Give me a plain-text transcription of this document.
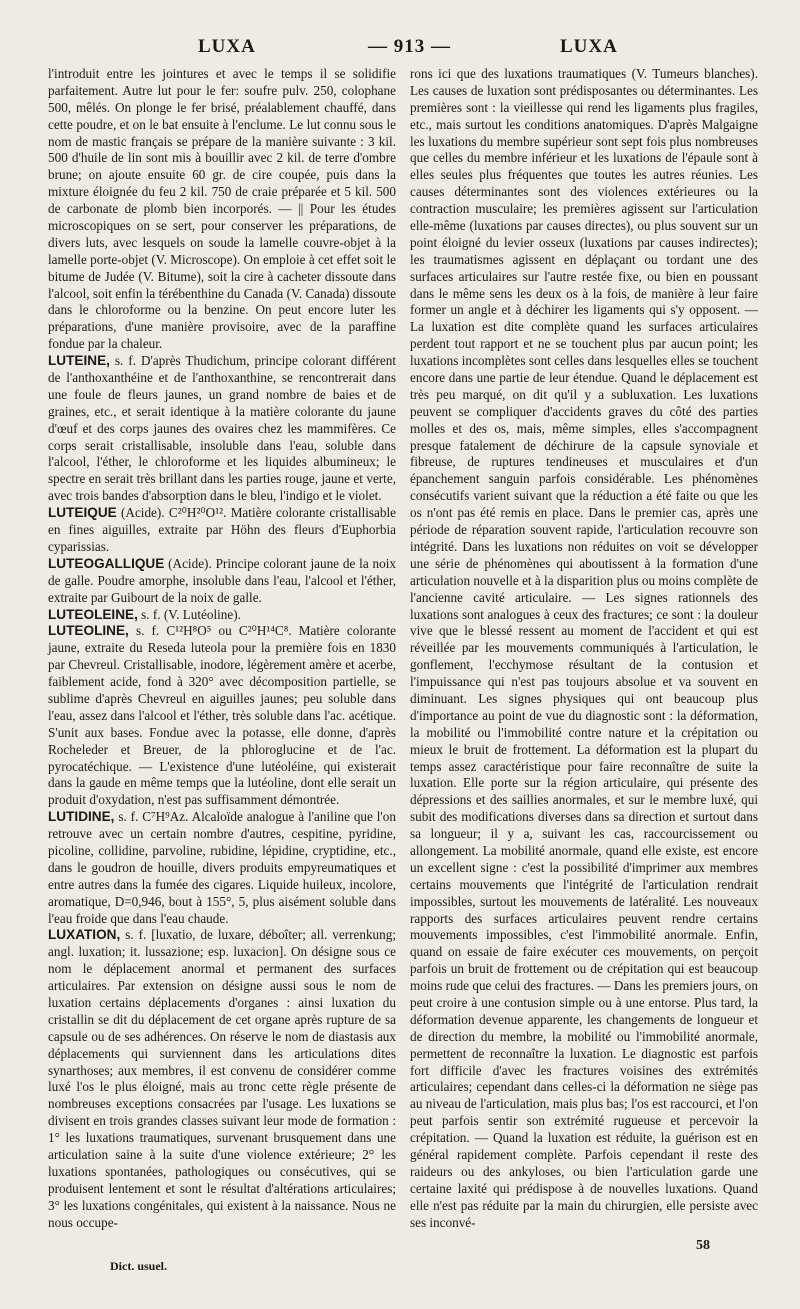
LUXA	— 913 —	LUXA

l'introduit entre les jointures et avec le temps il se solidifie parfaitement. Autre lut pour le fer: soufre pulv. 250, colophane 500, mêlés. On plonge le fer brisé, préalablement chauffé, dans cette poudre, et on le bat ensuite à l'enclume. Le lut connu sous le nom de mastic français se prépare de la manière suivante : 3 kil. 500 d'huile de lin sont mis à bouillir avec 2 kil. de terre d'ombre brune; on ajoute ensuite 60 gr. de cire coupée, puis dans la mixture éloignée du feu 2 kil. 750 de craie préparée et 5 kil. 500 de carbonate de plomb bien incorporés. — || Pour les études microscopiques on se sert, pour conserver les préparations, de divers luts, avec lesquels on soude la lamelle couvre-objet à la lamelle porte-objet (V. Microscope). On emploie à cet effet soit le bitume de Judée (V. Bitume), soit la cire à cacheter dissoute dans l'alcool, soit enfin la térébenthine du Canada (V. Canada) dissoute dans le chloroforme ou la benzine. On peut encore luter les préparations, d'une manière provisoire, avec de la paraffine fondue par la chaleur.

LUTEINE, s. f. D'après Thudichum, principe colorant différent de l'anthoxanthéine et de l'anthoxanthine, se rencontrerait dans une foule de fleurs jaunes, un grand nombre de baies et de graines, etc., et serait identique à la matière colorante du jaune d'œuf et des corps jaunes des ovaires chez les mammifères. Ce corps serait cristallisable, insoluble dans l'eau, soluble dans l'alcool, l'éther, le chloroforme et les liquides albumineux; le spectre en serait très brillant dans les parties rouge, jaune et verte, avec trois bandes d'absorption dans le bleu, l'indigo et le violet.

LUTEIQUE (Acide). C²⁰H²⁰O¹². Matière colorante cristallisable en fines aiguilles, extraite par Höhn des fleurs d'Euphorbia cyparissias.

LUTEOGALLIQUE (Acide). Principe colorant jaune de la noix de galle. Poudre amorphe, insoluble dans l'eau, l'alcool et l'éther, extraite par Guibourt de la noix de galle.

LUTEOLEINE, s. f. (V. Lutéoline).

LUTEOLINE, s. f. C¹²H⁸O⁵ ou C²⁰H¹⁴C⁸. Matière colorante jaune, extraite du Reseda luteola pour la première fois en 1830 par Chevreul. Cristallisable, inodore, légèrement amère et acerbe, faiblement acide, fond à 320° avec décomposition partielle, se sublime d'après Chevreul en aiguilles jaunes; peu soluble dans l'eau, assez dans l'alcool et l'éther, très soluble dans l'ac. acétique. S'unit aux bases. Fondue avec la potasse, elle donne, d'après Rocheleder et Breuer, de la phloroglucine et de l'ac. pyrocatéchique. — L'existence d'une lutéoléine, qui existerait dans la gaude en même temps que la lutéoline, dont elle serait un produit d'oxydation, n'est pas suffisamment démontrée.

LUTIDINE, s. f. C⁷H⁹Az. Alcaloïde analogue à l'aniline que l'on retrouve avec un certain nombre d'autres, cespitine, pyridine, picoline, collidine, parvoline, rubidine, lépidine, cryptidine, etc., dans le goudron de houille, divers produits empyreumatiques et entre autres dans la fumée des cigares. Liquide huileux, incolore, aromatique, D=0,946, bout à 155°, 5, plus aisément soluble dans l'eau froide que dans l'eau chaude.

LUXATION, s. f. [luxatio, de luxare, déboîter; all. verrenkung; angl. luxation; it. lussazione; esp. luxacion]. On désigne sous ce nom le déplacement anormal et permanent des surfaces articulaires. Par extension on désigne aussi sous le nom de luxation certains déplacements d'organes : ainsi luxation du cristallin se dit du déplacement de cet organe après rupture de sa capsule ou de ses adhérences. On réserve le nom de diastasis aux déplacements qui surviennent dans les articulations dites synarthoses; aux membres, il est convenu de considérer comme luxé l'os le plus éloigné, mais au tronc cette règle présente de nombreuses exceptions consacrées par l'usage. Les luxations se divisent en trois grandes classes suivant leur mode de formation : 1° les luxations traumatiques, survenant brusquement dans une articulation saine à la suite d'une violence extérieure; 2° les luxations spontanées, pathologiques ou consécutives, qui se produisent lentement et sont le résultat d'altérations articulaires; 3° les luxations congénitales, qui existent à la naissance. Nous ne nous occupe-

rons ici que des luxations traumatiques (V. Tumeurs blanches). Les causes de luxation sont prédisposantes ou déterminantes. Les premières sont : la vieillesse qui rend les ligaments plus fragiles, etc., mais surtout les conditions anatomiques. D'après Malgaigne les luxations du membre supérieur sont sept fois plus nombreuses que celles du membre inférieur et les luxations de l'épaule sont à elles seules plus fréquentes que toutes les autres réunies. Les causes déterminantes sont des violences extérieures ou la contraction musculaire; les premières agissent sur l'articulation elle-même (luxations par causes directes), ou plus souvent sur un point éloigné du levier osseux (luxations par causes indirectes); les traumatismes agissent en déplaçant ou tordant une des surfaces articulaires sur l'autre restée fixe, ou bien en poussant dans le même sens les deux os à la fois, de manière à leur faire former un angle et à déchirer les ligaments qui s'y opposent. — La luxation est dite complète quand les surfaces articulaires perdent tout rapport et ne se touchent plus par aucun point; les luxations incomplètes sont celles dans lesquelles elles se touchent encore dans une partie de leur étendue. Quand le déplacement est très peu marqué, on dit qu'il y a subluxation. Les luxations peuvent se compliquer d'accidents graves du côté des parties molles et des os, mais, même simples, elles s'accompagnent presque fatalement de déchirure de la capsule synoviale et fibreuse, de ruptures tendineuses et musculaires et d'un épanchement sanguin parfois considérable. Les phénomènes consécutifs varient suivant que la réduction a été faite ou que les os n'ont pas été remis en place. Dans le premier cas, après une période de réparation souvent rapide, l'articulation recouvre son intégrité. Dans les luxations non réduites on voit se développer une série de phénomènes qui aboutissent à la formation d'une articulation nouvelle et à la disparition plus ou moins complète de l'ancienne cavité articulaire. — Les signes rationnels des luxations sont analogues à ceux des fractures; ce sont : la douleur vive que le blessé ressent au moment de l'accident et qui est réveillée par les mouvements communiqués à l'articulation, le gonflement, l'ecchymose résultant de la contusion et l'impuissance qui n'est pas toujours absolue et va souvent en diminuant. Les signes physiques qui ont beaucoup plus d'importance au point de vue du diagnostic sont : la déformation, la mobilité ou l'immobilité contre nature et la crépitation ou mieux le bruit de frottement. La déformation est la plupart du temps assez caractéristique pour faire reconnaître de suite la luxation. Elle porte sur la région articulaire, qui présente des dépressions et des saillies anormales, et sur le membre luxé, qui subit des modifications diverses dans sa direction et surtout dans sa longueur; il y a, suivant les cas, raccourcissement ou allongement. La mobilité anormale, quand elle existe, est encore un excellent signe : c'est la possibilité d'imprimer aux membres certains mouvements que l'intégrité de l'articulation rendrait impossibles, surtout les mouvements de latéralité. Les nouveaux rapports des surfaces articulaires peuvent rendre certains mouvements impossibles, c'est l'immobilité anormale. Enfin, quand on essaie de faire exécuter ces mouvements, on perçoit parfois un bruit de frottement ou de crépitation qui est beaucoup moins rude que celui des fractures. — Dans les premiers jours, on peut croire à une contusion simple ou à une entorse. Plus tard, la déformation devenue apparente, les changements de longueur et de direction du membre, la mobilité ou l'immobilité anormale, permettent de reconnaître la luxation. Le diagnostic est parfois fort difficile d'avec les fractures voisines des extrémités articulaires; cependant dans celles-ci la déformation ne siège pas au niveau de l'articulation, mais plus bas; l'os est raccourci, et l'on peut parfois sentir son extrémité rugueuse et percevoir la crépitation. — Quand la luxation est réduite, la guérison est en général rapidement complète. Parfois cependant il reste des raideurs ou des ankyloses, ou bien l'articulation garde une certaine laxité qui prédispose à de nouvelles luxations. Quand elle n'est pas réduite par la main du chirurgien, elle persiste avec ses inconvé-

Dict. usuel.
58
